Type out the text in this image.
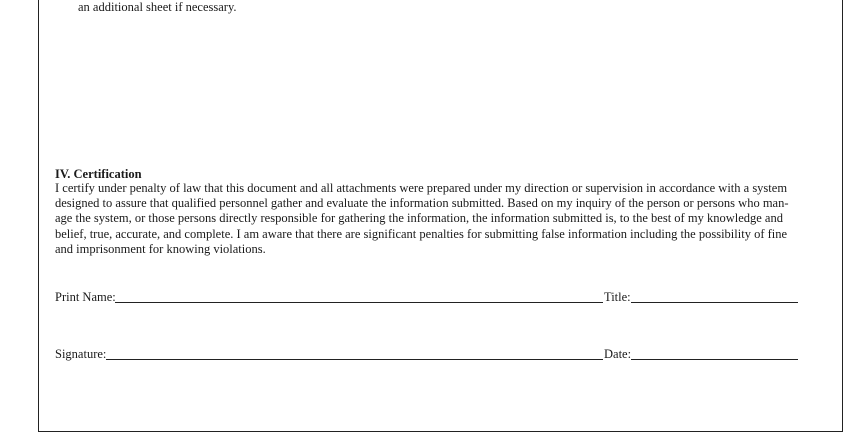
an additional sheet if necessary.
IV. Certification
I certify under penalty of law that this document and all attachments were prepared under my direction or supervision in accordance with a system
designed to assure that qualified personnel gather and evaluate the information submitted. Based on my inquiry of the person or persons who man-
age the system, or those persons directly responsible for gathering the information, the information submitted is, to the best of my knowledge and
belief, true, accurate, and complete. I am aware that there are significant penalties for submitting false information including the possibility of fine
and imprisonment for knowing violations.
Print Name:	Title:
Signature:	Date:
